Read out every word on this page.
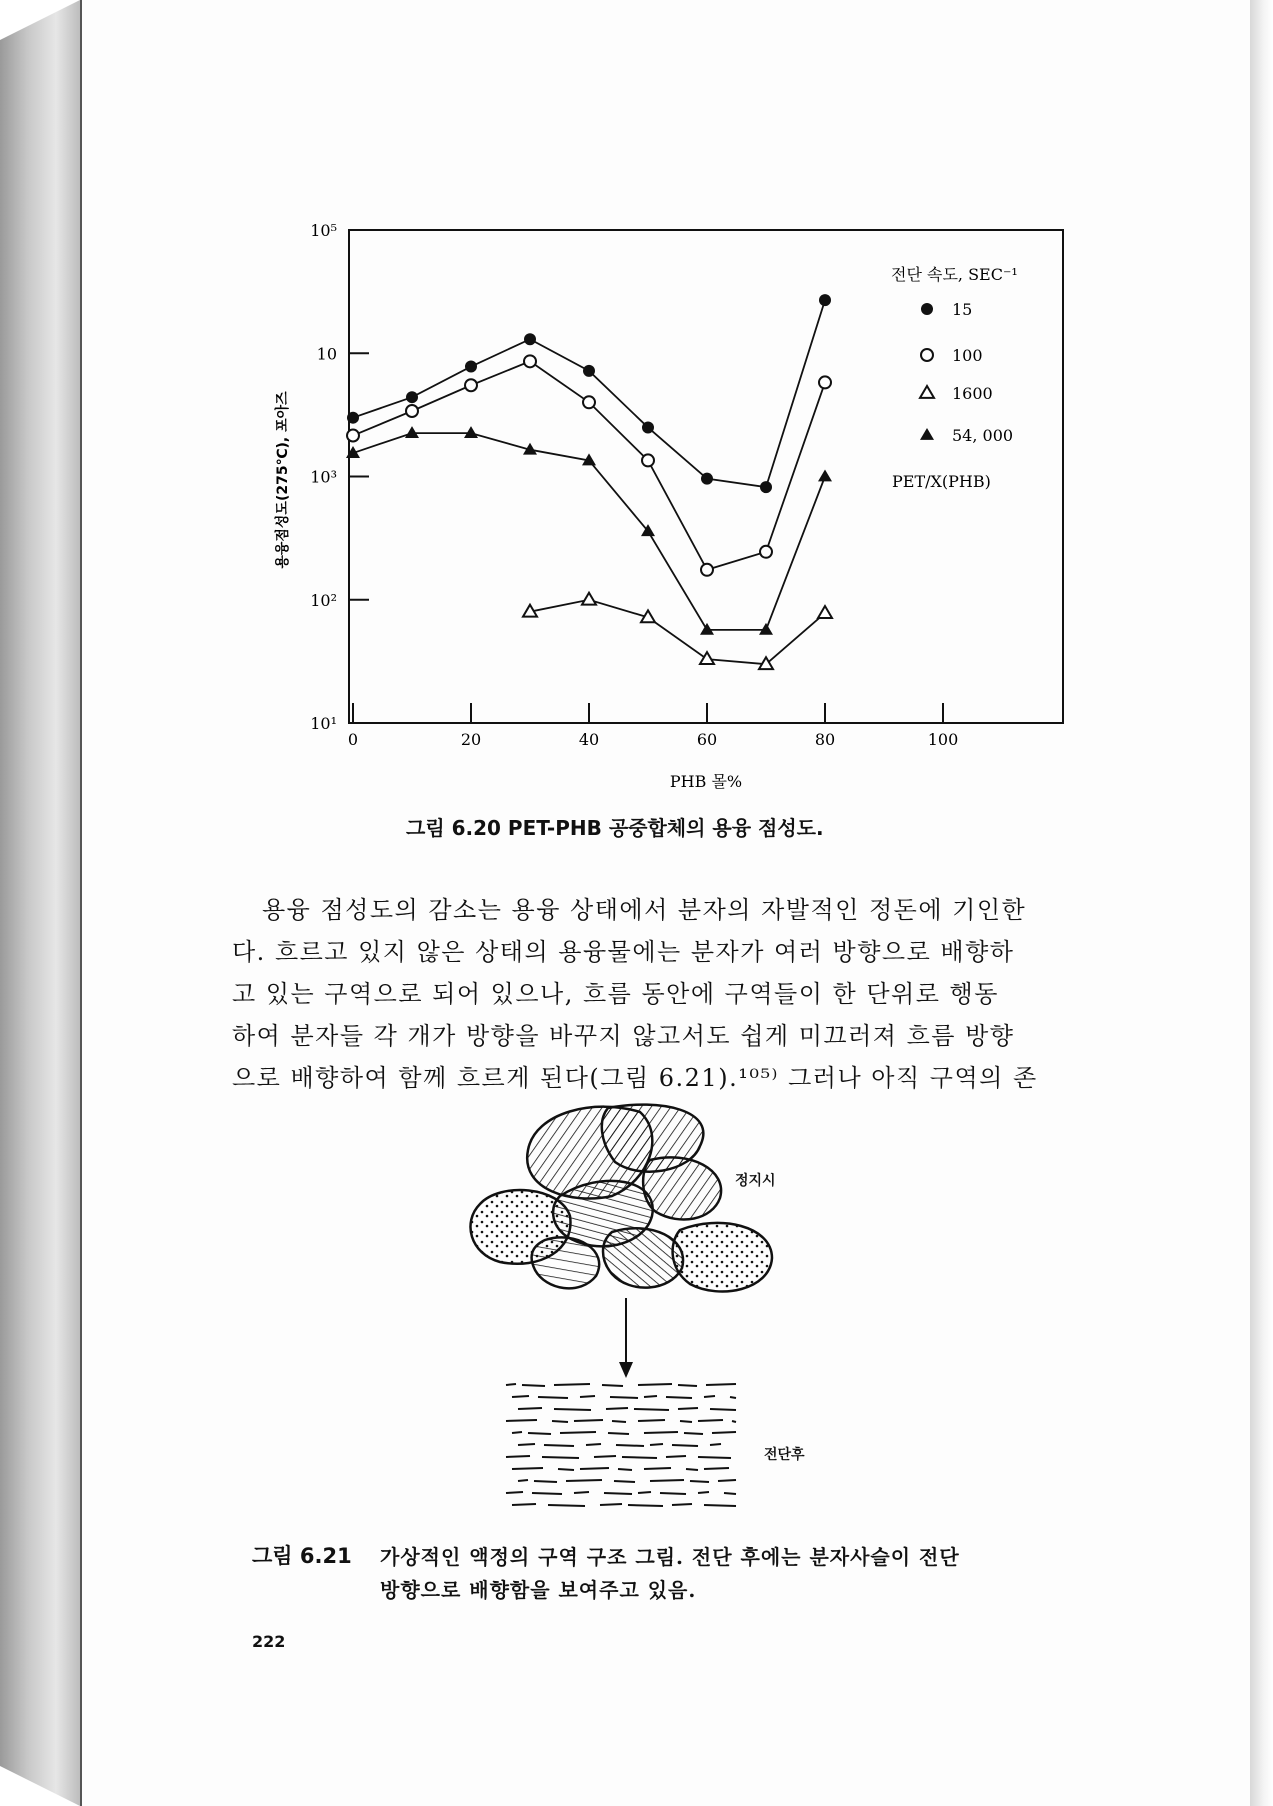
0	20	40	60	80	100
10⁵
10
10³
10²
10¹
PHB 몰%
용융점성도(275℃), 포아즈
전단 속도, SEC⁻¹
15
100
1600
54, 000
PET/X(PHB)
그림 6.20 PET-PHB 공중합체의 용융 점성도.
용융 점성도의 감소는 용융 상태에서 분자의 자발적인 정돈에 기인한
다. 흐르고 있지 않은 상태의 용융물에는 분자가 여러 방향으로 배향하
고 있는 구역으로 되어 있으나, 흐름 동안에 구역들이 한 단위로 행동
하여 분자들 각 개가 방향을 바꾸지 않고서도 쉽게 미끄러져 흐름 방향
으로 배향하여 함께 흐르게 된다(그림 6.21).¹⁰⁵⁾ 그러나 아직 구역의 존
정지시
전단후
그림 6.21 가상적인 액정의 구역 구조 그림. 전단 후에는 분자사슬이 전단
방향으로 배향함을 보여주고 있음.
222
